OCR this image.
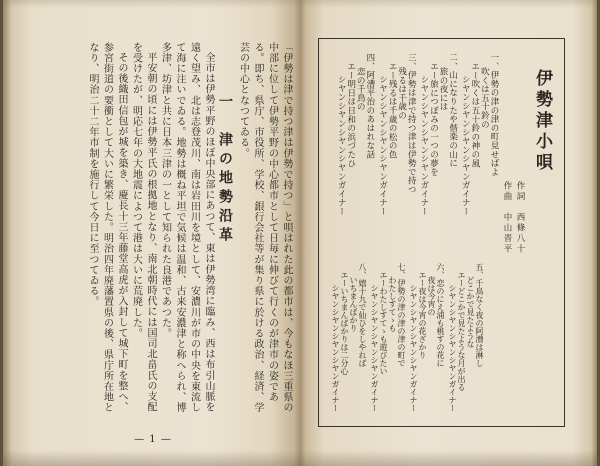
「伊勢は津で持つ津は伊勢で持つ」と唄はれた此の都市は、今もなほ三重県の中部に位して伊勢平野の中心都市として日毎に伸びて行くのが津市の姿である。即ち、県庁、市役所、学校、銀行会社等が集り県に於ける政治、経済、学芸の中心となつてゐる。

一　津の地勢沿革

全市は伊勢平野のほぼ中央部にあつて、東は伊勢湾に臨み、西は布引山脈を遠く望み、北は志登茂川、南は岩田川を境として、安濃川が市の中央を東流して海に注いでゐる。地勢は概ね平坦で気候は温和、古来安濃津と称へられ、博多津、坊津と共に日本三津の一として知られた良港であつた。

平安朝の頃には伊勢平氏の根拠地となり、南北朝時代には国司北畠氏の支配を受けたが、明応七年の大地震によつて港は大いに荒廃した。

その後織田信包が城を築き、慶長十三年藤堂高虎が入封して城下町を整へ、参宮街道の要衝として大いに繁栄した。明治四年廃藩置県の後、県庁所在地となり、明治二十二年市制を施行して今日に至つてゐる。

— 1 —
伊勢津小唄
作詞　西條八十
作曲　中山晋平
一、伊勢の津の津の町見せばよ
吹くは五十鈴の
エー吹くは五十鈴の神の風
シヤンシヤンシヤンシヤンガイナー
二、山になりたや偕楽の山に
旅の夜には
エー旅につぼみの一つの夢を
シヤンシヤンシヤンシヤンガイナー
三、伊勢は津で持つ津は伊勢で持つ
残るは千歳の
エー残るは千歳の松の色
シヤンシヤンシヤンシヤンガイナー
四、阿漕平治のあはれな話
恋の千鳥の
エー明日は日和の浜づたひ
シヤンシヤンシヤンシヤンガイナー
五、千鳥なく夜の阿漕は淋し
どこかで見たような
エーどこかで見たような月が出る
シヤンシヤンシヤンシヤンガイナー
六、恋のにえ浦も桃すの花に
夜は今宵の
エー夜は今宵の花ざかり
シヤンシヤンシヤンシヤンガイナー
七、伊勢の津の津の津の町で
わたしすてゝも
エーわたしすてゝも遊びたい
シヤンシヤンシヤンシヤンガイナー
八、嬉十九で仙ひをしやれば
いちまんばかり
エーいちまんばかりは二分心
シヤンシヤンシヤンシヤンガイナー
